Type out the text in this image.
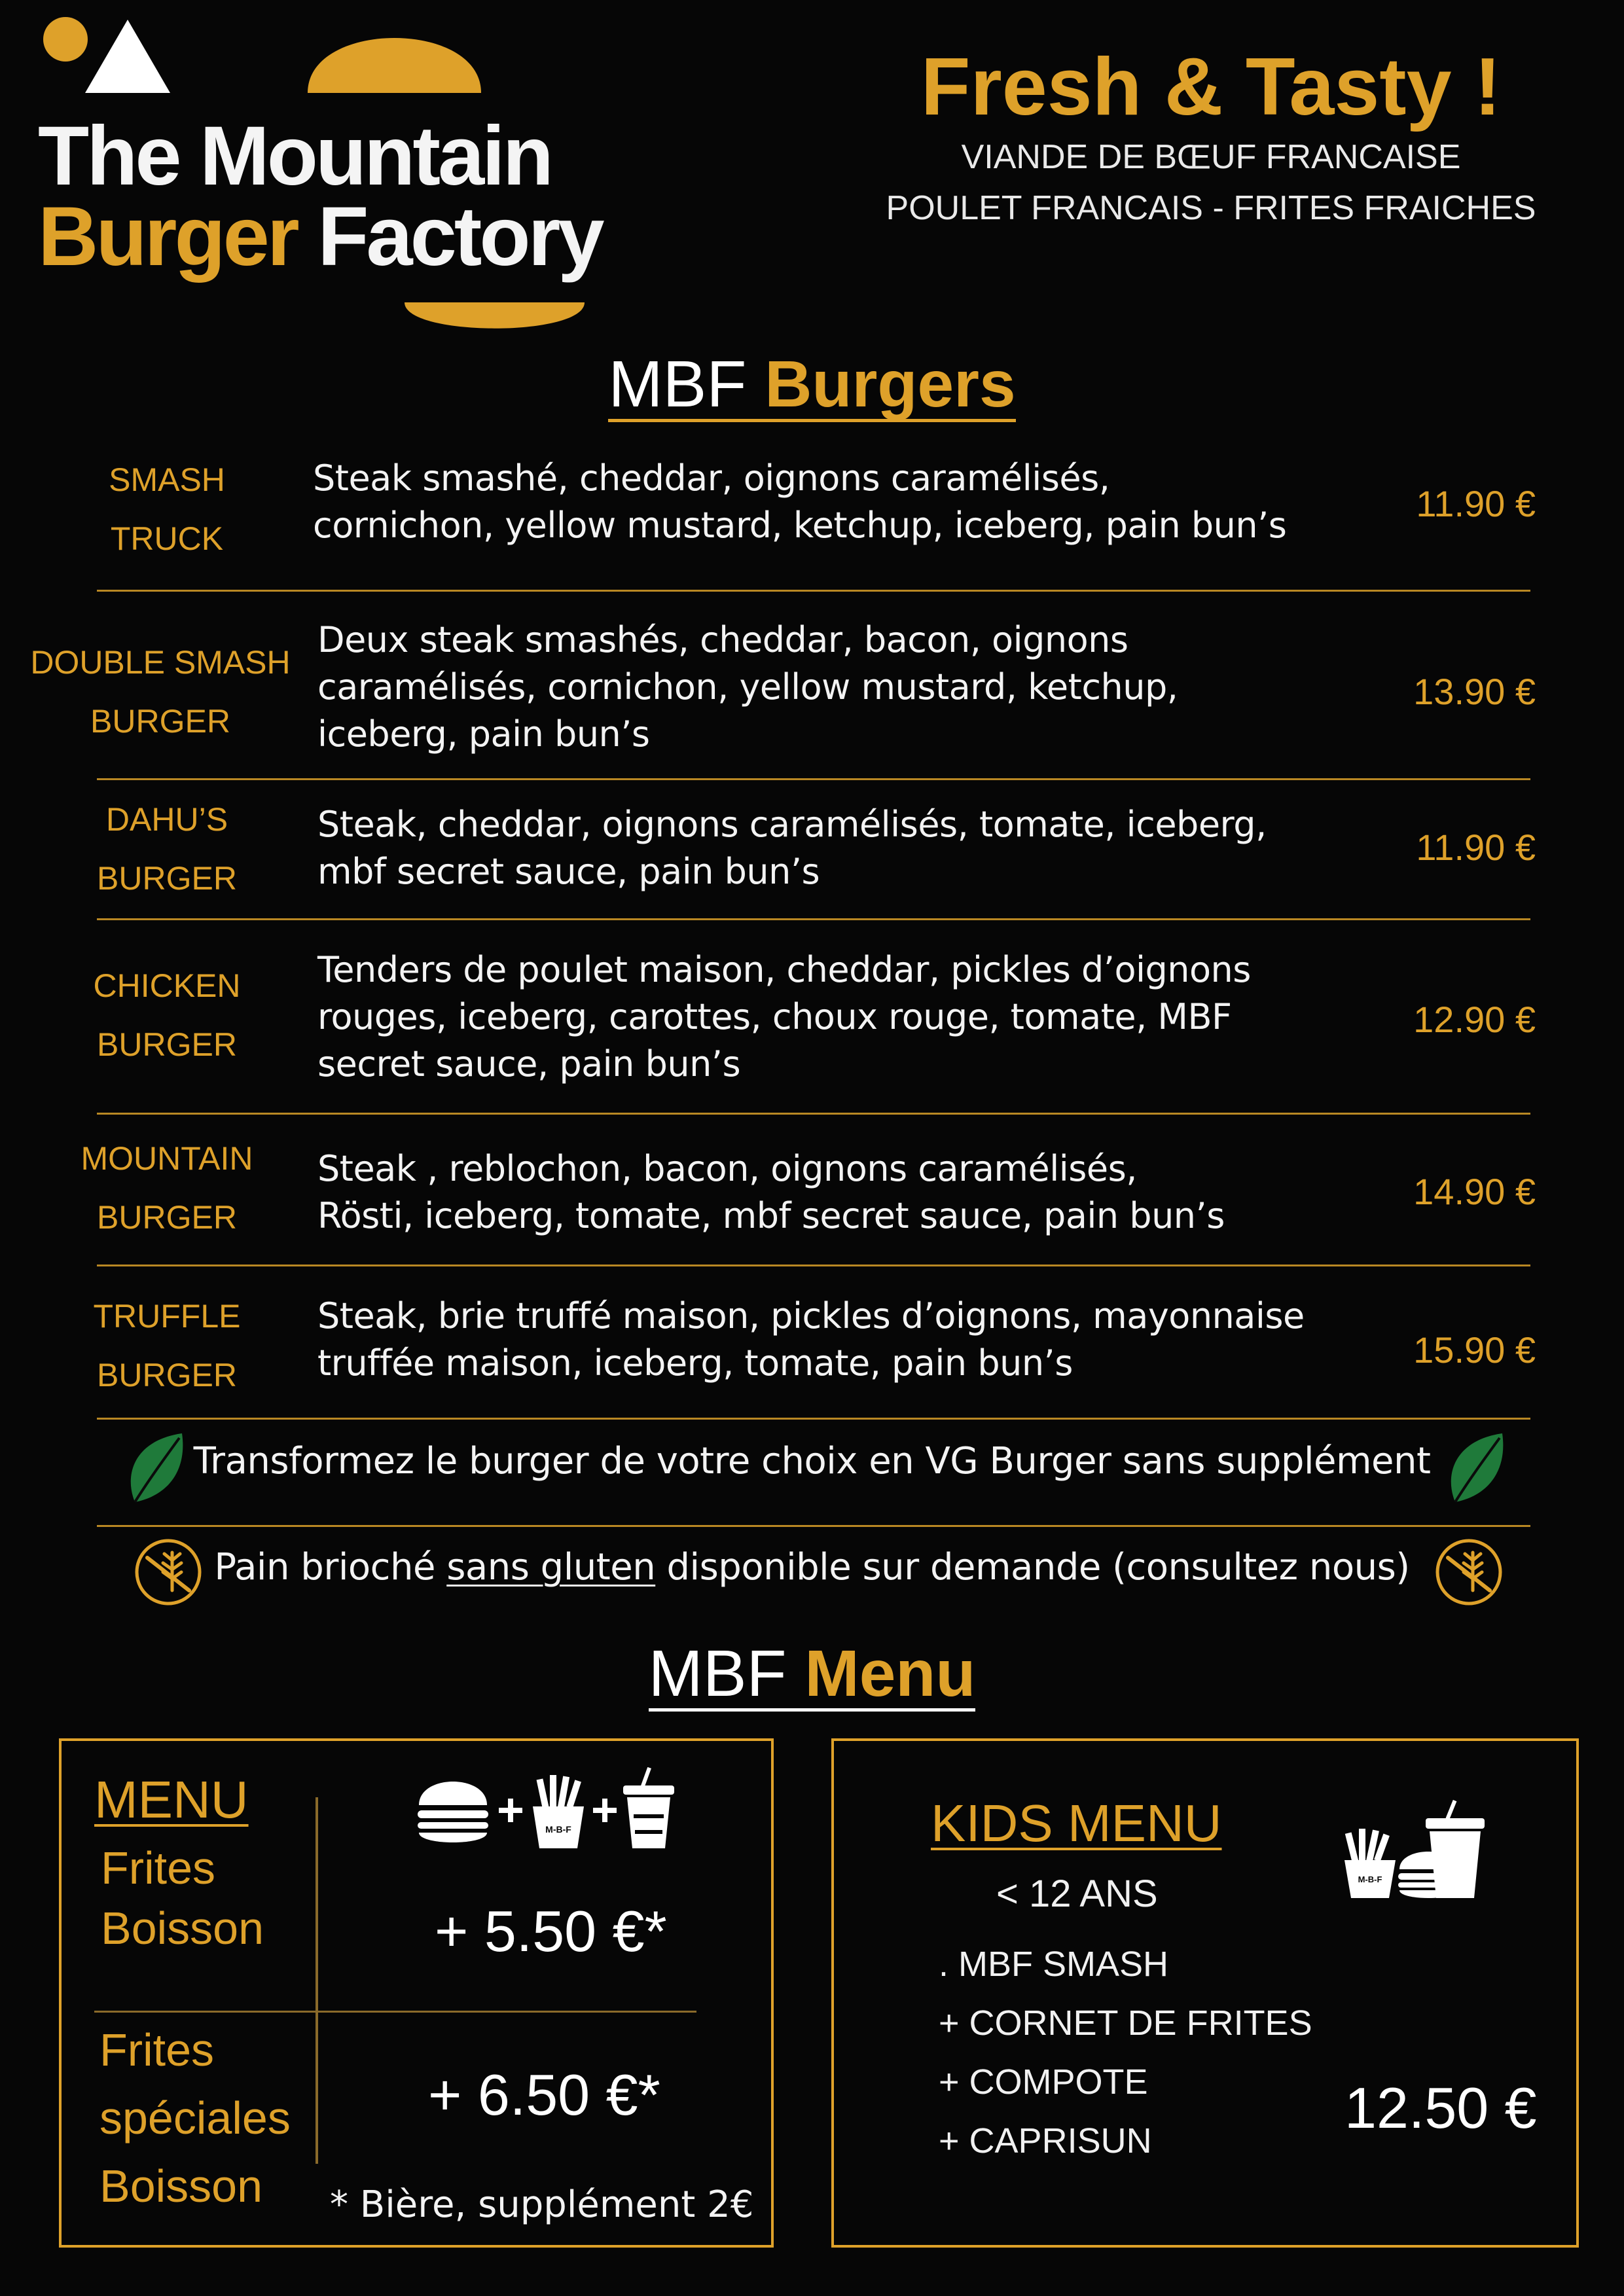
The Mountain
Burger Factory
Fresh & Tasty !
VIANDE DE BŒUF FRANCAISE
POULET FRANCAIS - FRITES FRAICHES
MBF Burgers
SMASH
TRUCK
Steak smashé, cheddar, oignons caramélisés,
cornichon, yellow mustard, ketchup, iceberg, pain bun’s
11.90 €
DOUBLE SMASH
BURGER
Deux steak smashés, cheddar, bacon, oignons
caramélisés, cornichon, yellow mustard, ketchup,
iceberg, pain bun’s
13.90 €
DAHU’S
BURGER
Steak, cheddar, oignons caramélisés, tomate, iceberg,
mbf secret sauce, pain bun’s
11.90 €
CHICKEN
BURGER
Tenders de poulet maison, cheddar, pickles d’oignons
rouges, iceberg, carottes, choux rouge, tomate, MBF
secret sauce, pain bun’s
12.90 €
MOUNTAIN
BURGER
Steak , reblochon, bacon, oignons caramélisés,
Rösti, iceberg, tomate, mbf secret sauce, pain bun’s
14.90 €
TRUFFLE
BURGER
Steak, brie truffé maison, pickles d’oignons, mayonnaise
truffée maison, iceberg, tomate, pain bun’s	15.90 €
Transformez le burger de votre choix en VG Burger sans supplément
Pain brioché sans gluten disponible sur demande (consultez nous)
MBF Menu
MENU
Frites
Boisson
M-B-F
+ 5.50 €*
Frites
spéciales
Boisson
+ 6.50 €*
* Bière, supplément 2€
KIDS MENU
< 12 ANS	M-B-F
. MBF SMASH
+ CORNET DE FRITES
+ COMPOTE
+ CAPRISUN
12.50 €
